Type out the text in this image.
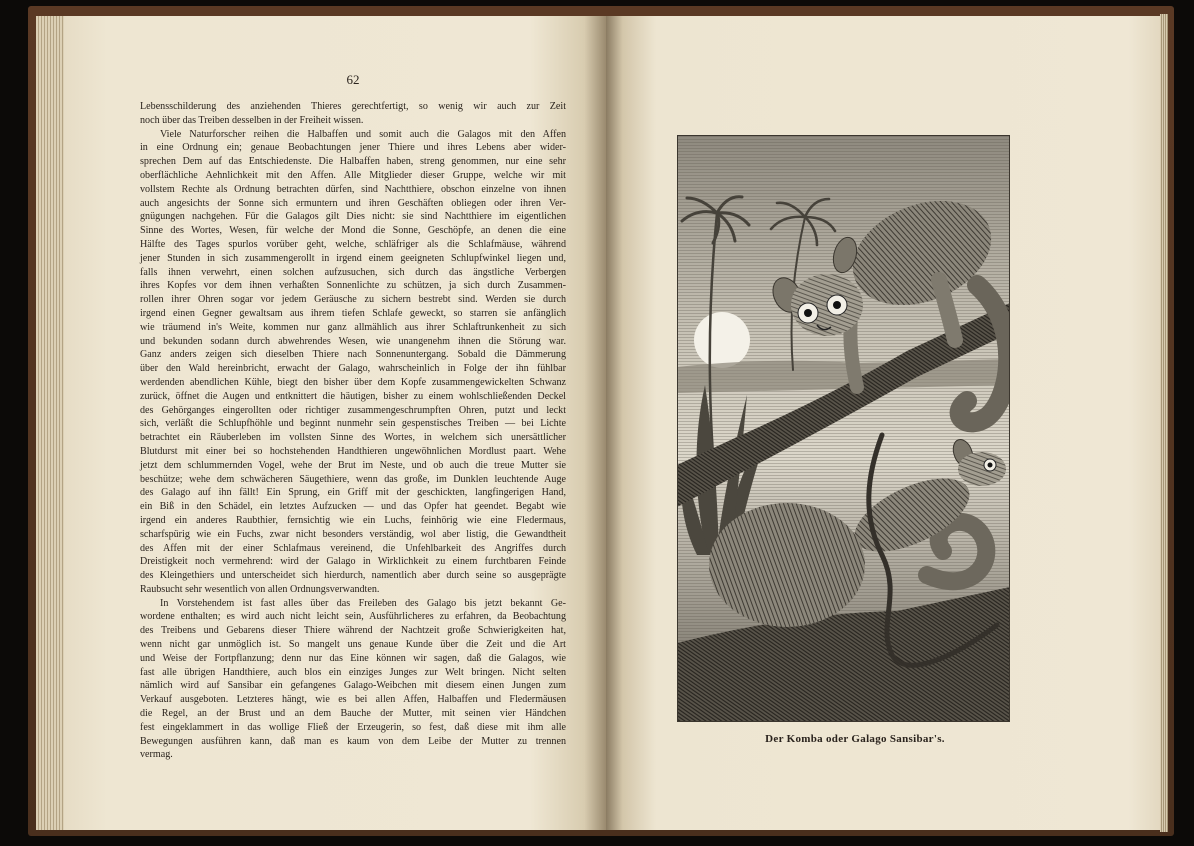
62
Lebensschilderung des anziehenden Thieres gerechtfertigt, so wenig wir auch zur Zeit
noch über das Treiben desselben in der Freiheit wissen.
Viele Naturforscher reihen die Halbaffen und somit auch die Galagos mit den Affen
in eine Ordnung ein; genaue Beobachtungen jener Thiere und ihres Lebens aber wider-
sprechen Dem auf das Entschiedenste. Die Halbaffen haben, streng genommen, nur eine sehr
oberflächliche Aehnlichkeit mit den Affen. Alle Mitglieder dieser Gruppe, welche wir mit
vollstem Rechte als Ordnung betrachten dürfen, sind Nachtthiere, obschon einzelne von ihnen
auch angesichts der Sonne sich ermuntern und ihren Geschäften obliegen oder ihren Ver-
gnügungen nachgehen. Für die Galagos gilt Dies nicht: sie sind Nachtthiere im eigentlichen
Sinne des Wortes, Wesen, für welche der Mond die Sonne, Geschöpfe, an denen die eine
Hälfte des Tages spurlos vorüber geht, welche, schläfriger als die Schlafmäuse, während
jener Stunden in sich zusammengerollt in irgend einem geeigneten Schlupfwinkel liegen und,
falls ihnen verwehrt, einen solchen aufzusuchen, sich durch das ängstliche Verbergen
ihres Kopfes vor dem ihnen verhaßten Sonnenlichte zu schützen, ja sich durch Zusammen-
rollen ihrer Ohren sogar vor jedem Geräusche zu sichern bestrebt sind. Werden sie durch
irgend einen Gegner gewaltsam aus ihrem tiefen Schlafe geweckt, so starren sie anfänglich
wie träumend in's Weite, kommen nur ganz allmählich aus ihrer Schlaftrunkenheit zu sich
und bekunden sodann durch abwehrendes Wesen, wie unangenehm ihnen die Störung war.
Ganz anders zeigen sich dieselben Thiere nach Sonnenuntergang. Sobald die Dämmerung
über den Wald hereinbricht, erwacht der Galago, wahrscheinlich in Folge der ihn fühlbar
werdenden abendlichen Kühle, biegt den bisher über dem Kopfe zusammengewickelten Schwanz
zurück, öffnet die Augen und entknittert die häutigen, bisher zu einem wohlschließenden Deckel
des Gehörganges eingerollten oder richtiger zusammengeschrumpften Ohren, putzt und leckt
sich, verläßt die Schlupfhöhle und beginnt nunmehr sein gespenstisches Treiben — bei Lichte
betrachtet ein Räuberleben im vollsten Sinne des Wortes, in welchem sich unersättlicher
Blutdurst mit einer bei so hochstehenden Handthieren ungewöhnlichen Mordlust paart. Wehe
jetzt dem schlummernden Vogel, wehe der Brut im Neste, und ob auch die treue Mutter sie
beschütze; wehe dem schwächeren Säugethiere, wenn das große, im Dunklen leuchtende Auge
des Galago auf ihn fällt! Ein Sprung, ein Griff mit der geschickten, langfingerigen Hand,
ein Biß in den Schädel, ein letztes Aufzucken — und das Opfer hat geendet. Begabt wie
irgend ein anderes Raubthier, fernsichtig wie ein Luchs, feinhörig wie eine Fledermaus,
scharfspürig wie ein Fuchs, zwar nicht besonders verständig, wol aber listig, die Gewandtheit
des Affen mit der einer Schlafmaus vereinend, die Unfehlbarkeit des Angriffes durch
Dreistigkeit noch vermehrend: wird der Galago in Wirklichkeit zu einem furchtbaren Feinde
des Kleingethiers und unterscheidet sich hierdurch, namentlich aber durch seine so ausgeprägte
Raubsucht sehr wesentlich von allen Ordnungsverwandten.
In Vorstehendem ist fast alles über das Freileben des Galago bis jetzt bekannt Ge-
wordene enthalten; es wird auch nicht leicht sein, Ausführlicheres zu erfahren, da Beobachtung
des Treibens und Gebarens dieser Thiere während der Nachtzeit große Schwierigkeiten hat,
wenn nicht gar unmöglich ist. So mangelt uns genaue Kunde über die Zeit und die Art
und Weise der Fortpflanzung; denn nur das Eine können wir sagen, daß die Galagos, wie
fast alle übrigen Handthiere, auch blos ein einziges Junges zur Welt bringen. Nicht selten
nämlich wird auf Sansibar ein gefangenes Galago-Weibchen mit diesem einen Jungen zum
Verkauf ausgeboten. Letzteres hängt, wie es bei allen Affen, Halbaffen und Fledermäusen
die Regel, an der Brust und an dem Bauche der Mutter, mit seinen vier Händchen
fest eingeklammert in das wollige Fließ der Erzeugerin, so fest, daß diese mit ihm alle
Bewegungen ausführen kann, daß man es kaum von dem Leibe der Mutter zu trennen
vermag.
Der Komba oder Galago Sansibar's.
